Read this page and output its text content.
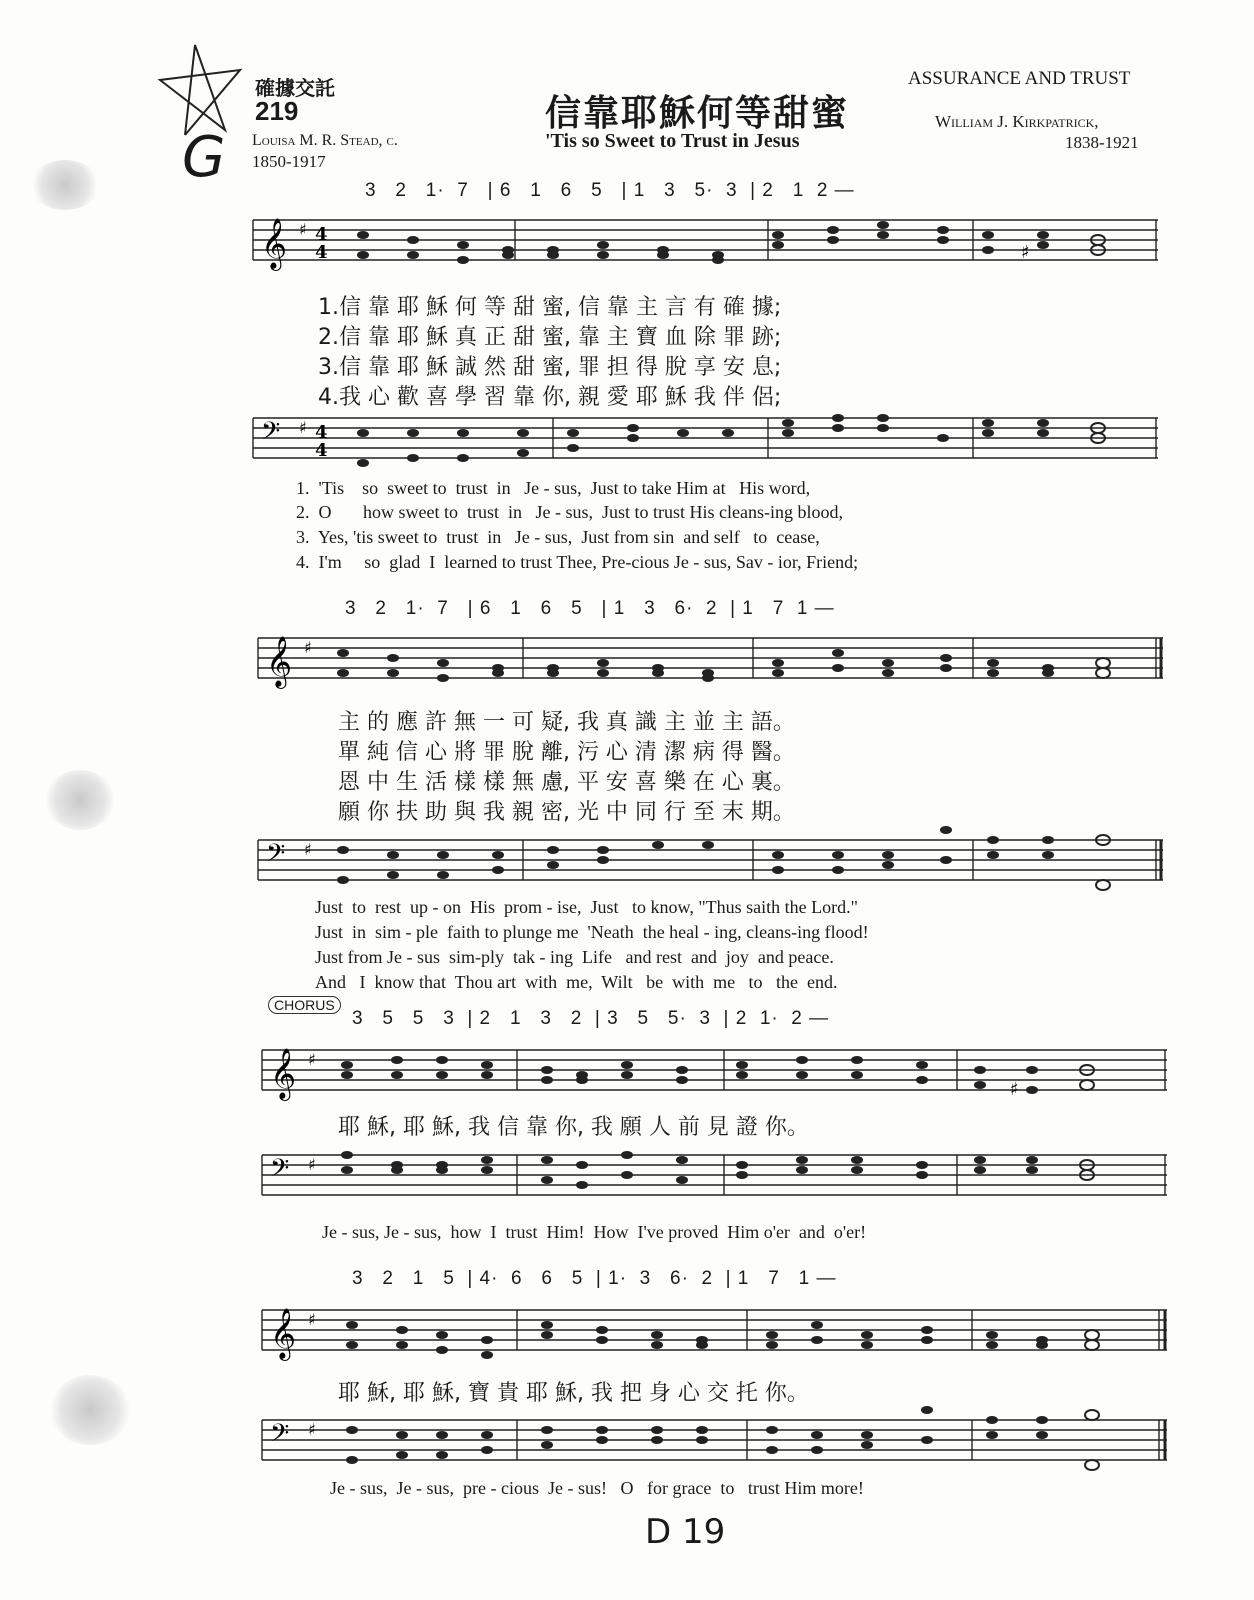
G
確據交託
219
Louisa M. R. Stead, c.
1850-1917
信靠耶穌何等甜蜜
'Tis so Sweet to Trust in Jesus
ASSURANCE AND TRUST
William J. Kirkpatrick,
1838-1921
3   2   1·  7   | 6   1   6   5   | 1   3   5·  3  | 2   1  2 —
𝄞 ♯ 4
4	♯
1.信 靠 耶 穌 何 等 甜 蜜, 信 靠 主 言 有 確 據;
2.信 靠 耶 穌 真 正 甜 蜜, 靠 主 寶 血 除 罪 跡;
3.信 靠 耶 穌 誠 然 甜 蜜, 罪 担 得 脫 享 安 息;
4.我 心 歡 喜 學 習 靠 你, 親 愛 耶 穌 我 伴 侶;
𝄢 ♯ 4
4
1.  'Tis    so  sweet to  trust  in   Je - sus,  Just to take Him at   His word,
2.  O       how sweet to  trust  in   Je - sus,  Just to trust His cleans-ing blood,
3.  Yes, 'tis sweet to  trust  in   Je - sus,  Just from sin  and self   to  cease,
4.  I'm     so  glad  I  learned to trust Thee, Pre-cious Je - sus, Sav - ior, Friend;
3   2   1·  7   | 6   1   6   5   | 1   3   6·  2  | 1   7  1 —
𝄞 ♯
主 的 應 許 無 一 可 疑, 我 真 識 主 並 主 語。
單 純 信 心 將 罪 脫 離, 污 心 清 潔 病 得 醫。
恩 中 生 活 樣 樣 無 慮, 平 安 喜 樂 在 心 裏。
願 你 扶 助 與 我 親 密, 光 中 同 行 至 末 期。
𝄢 ♯
Just  to  rest  up - on  His  prom - ise,  Just   to know, "Thus saith the Lord."
Just  in  sim - ple  faith to plunge me  'Neath  the heal - ing, cleans-ing flood!
Just from Je - sus  sim-ply  tak - ing  Life   and rest  and  joy  and peace.
And   I  know that  Thou art  with  me,  Wilt   be  with  me   to   the  end.
CHORUS
3   5   5   3  | 2   1   3   2  | 3   5   5·  3  | 2  1·  2 —
𝄞 ♯
♯
耶 穌, 耶 穌, 我 信 靠 你, 我 願 人 前 見 證 你。
𝄢 ♯
Je - sus, Je - sus,  how  I  trust  Him!  How  I've proved  Him o'er  and  o'er!
3   2   1   5  | 4·  6   6   5  | 1·  3   6·  2  | 1   7   1 —
𝄞 ♯
耶 穌, 耶 穌, 寶 貴 耶 穌, 我 把 身 心 交 托 你。
𝄢 ♯
Je - sus,  Je - sus,  pre - cious  Je - sus!   O   for grace  to   trust Him more!
D 19
